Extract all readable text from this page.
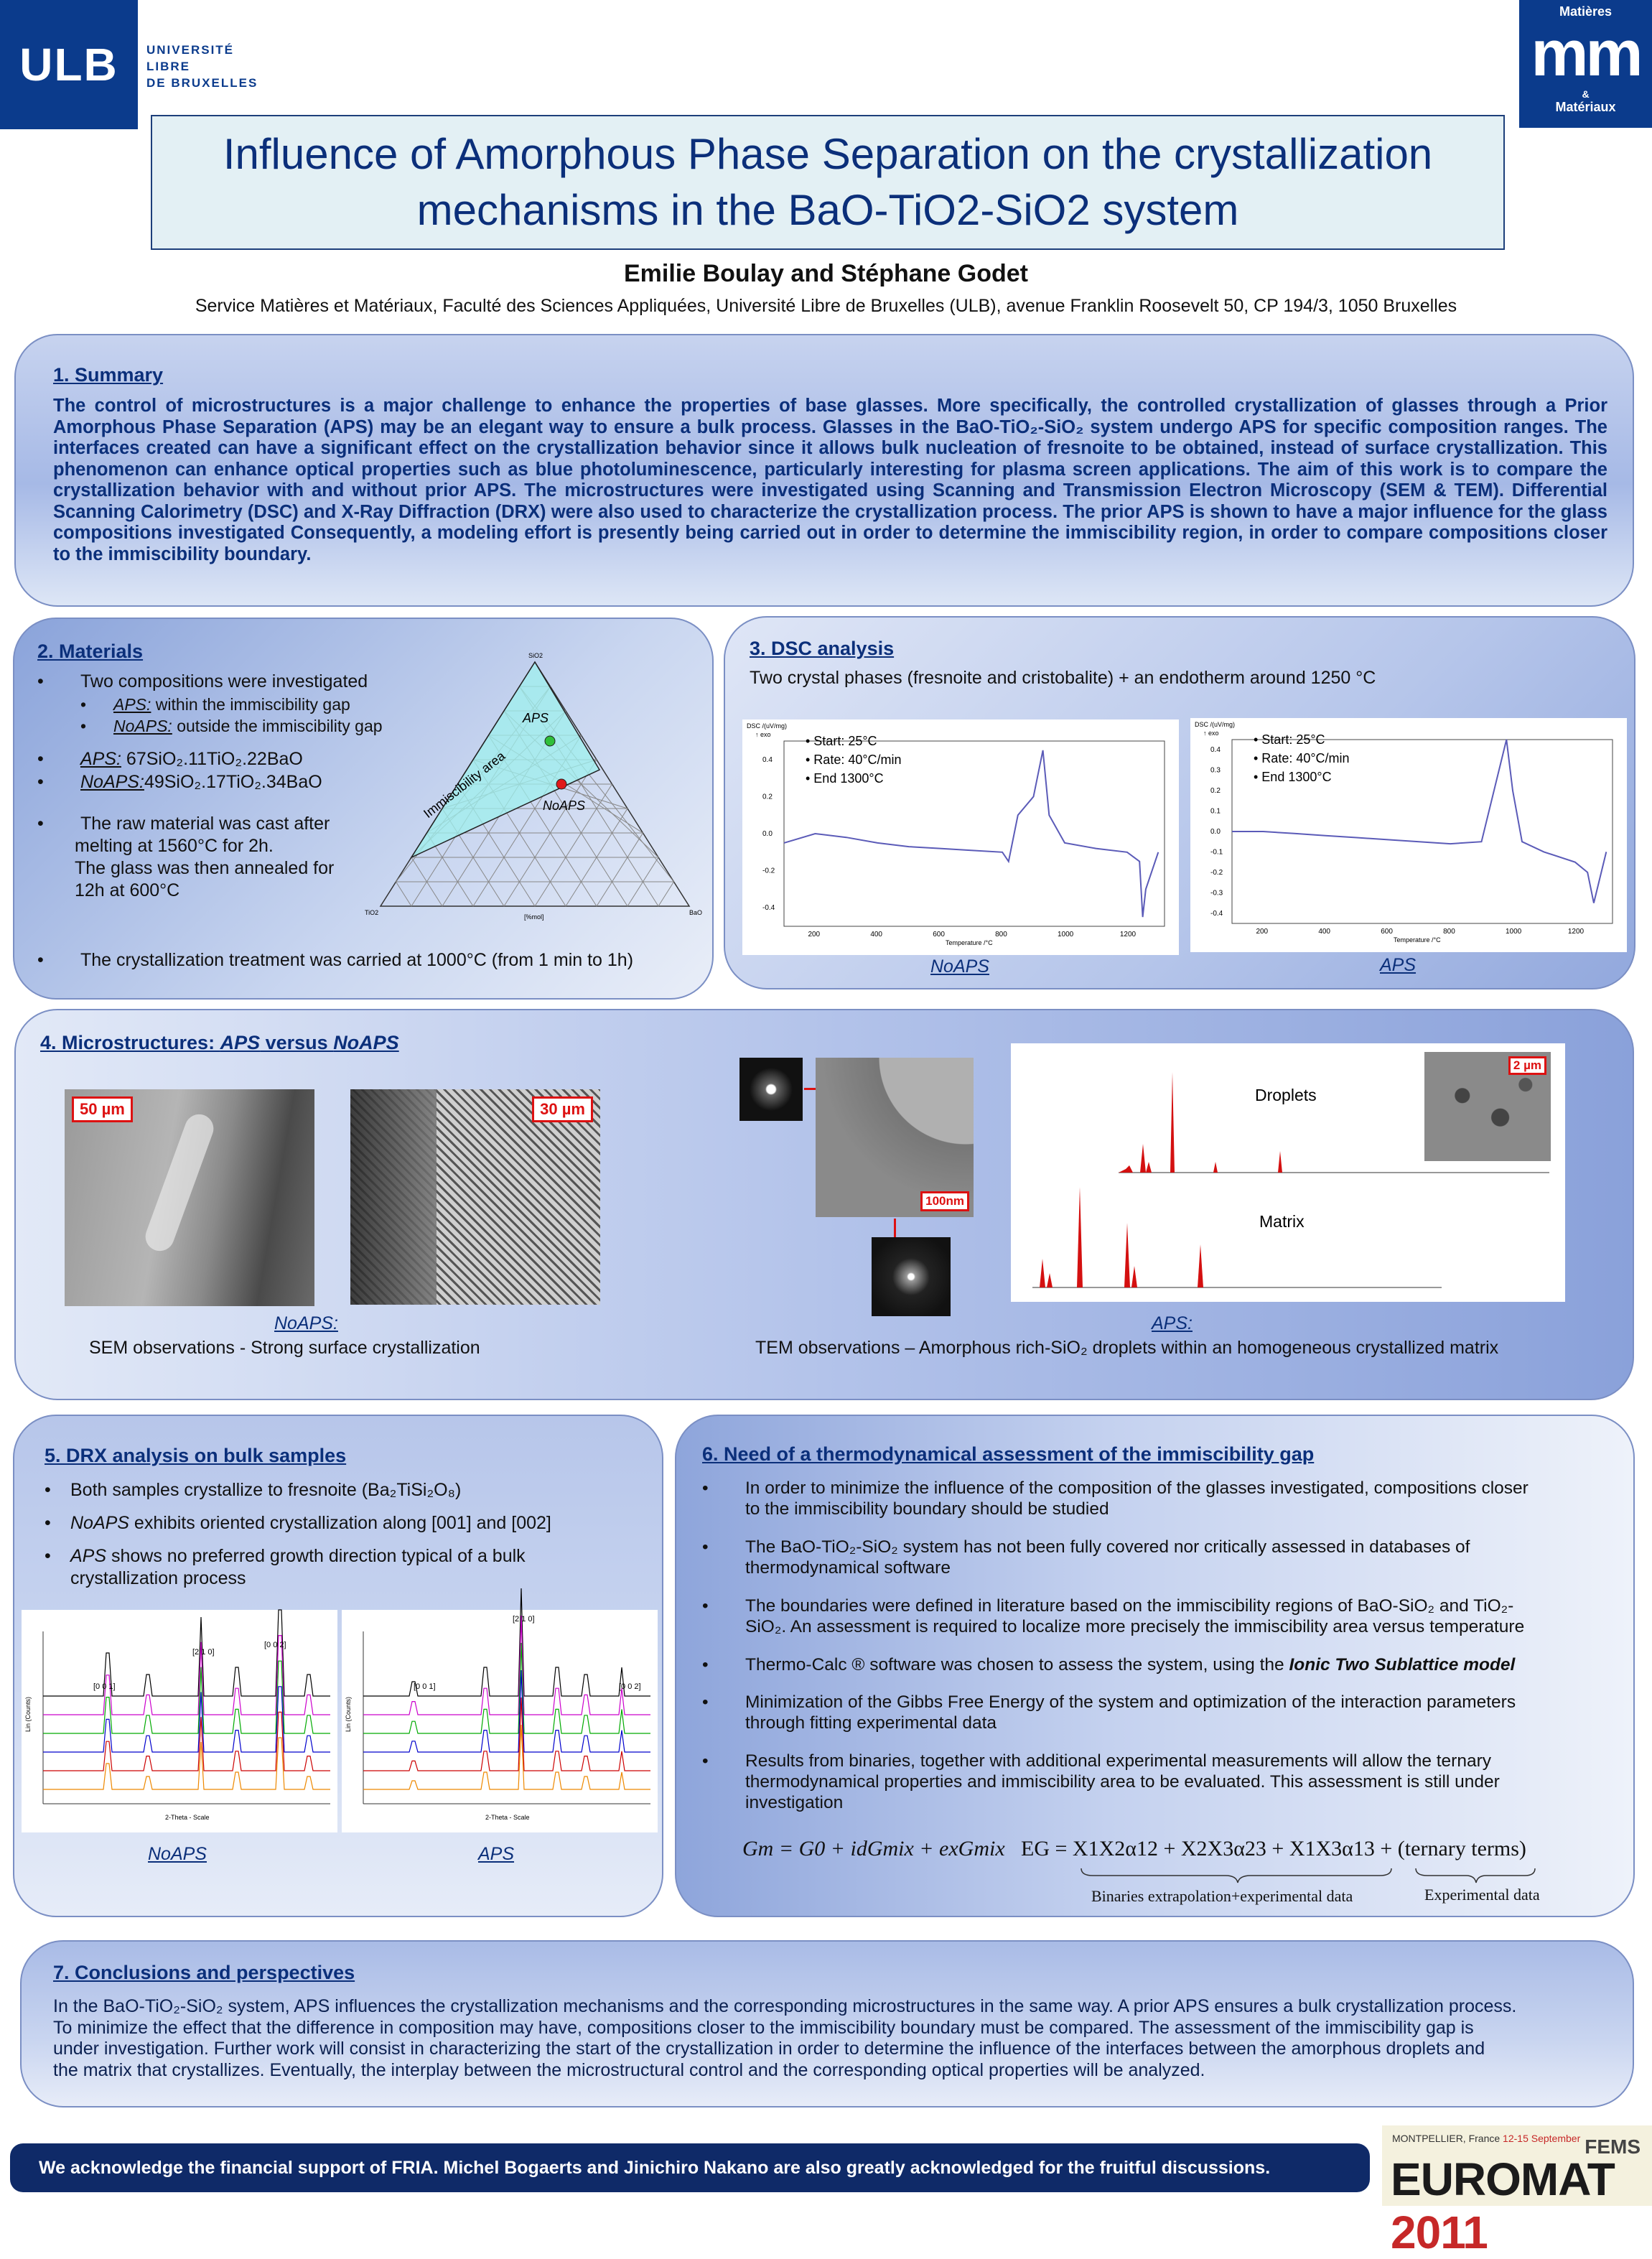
ULB	UNIVERSITÉ
LIBRE
DE BRUXELLES
Matières
mm
&
Matériaux
Influence of Amorphous Phase Separation on the crystallization
mechanisms in the BaO-TiO2-SiO2 system
Emilie Boulay and Stéphane Godet
Service Matières et Matériaux, Faculté des Sciences Appliquées, Université Libre de Bruxelles (ULB), avenue Franklin Roosevelt 50, CP 194/3, 1050 Bruxelles
1. Summary
The control of microstructures is a major challenge to enhance the properties of base glasses. More specifically, the controlled crystallization of glasses through a Prior Amorphous Phase Separation (APS) may be an elegant way to ensure a bulk process. Glasses in the BaO-TiO₂-SiO₂ system undergo APS for specific composition ranges. The interfaces created can have a significant effect on the crystallization behavior since it allows bulk nucleation of fresnoite to be obtained, instead of surface crystallization. This phenomenon can enhance optical properties such as blue photoluminescence, particularly interesting for plasma screen applications. The aim of this work is to compare the crystallization behavior with and without prior APS. The microstructures were investigated using Scanning and Transmission Electron Microscopy (SEM & TEM). Differential Scanning Calorimetry (DSC) and X-Ray Diffraction (DRX) were also used to characterize the crystallization process. The prior APS is shown to have a major influence for the glass compositions investigated Consequently, a modeling effort is presently being carried out in order to determine the immiscibility region, in order to compare compositions closer to the immiscibility boundary.
2. Materials
• Two compositions were investigated
• APS: within the immiscibility gap
• NoAPS: outside the immiscibility gap
• APS: 67SiO₂.11TiO₂.22BaO
• NoAPS:49SiO₂.17TiO₂.34BaO
• The raw material was cast after
melting at 1560°C for 2h.
The glass was then annealed for
12h at 600°C
• The crystallization treatment was carried at 1000°C (from 1 min to 1h)
APS
NoAPS
Immiscibility area
SiO2
TiO2	BaO
[%mol]
3. DSC analysis
Two crystal phases (fresnoite and cristobalite) + an endotherm around 1250 °C
DSC /(uV/mg)
↑ exo
0.4
0.2
0.0
-0.2
-0.4
200	400	600	800	1000	1200
Temperature /°C
• Start: 25°C
• Rate: 40°C/min
• End 1300°C
DSC /(uV/mg)
↑ exo
0.4
0.3
0.2
0.1
0.0
-0.1
-0.2
-0.3
-0.4
200	400	600	800	1000	1200
Temperature /°C
• Start: 25°C
• Rate: 40°C/min
• End 1300°C
NoAPS	APS
4. Microstructures: APS versus NoAPS
50 µm	30 µm
NoAPS:
SEM observations - Strong surface crystallization
100nm
Droplets
Matrix
2 µm
APS:
TEM observations – Amorphous rich-SiO₂ droplets within an homogeneous crystallized matrix
5. DRX analysis on bulk samples
• Both samples crystallize to fresnoite (Ba₂TiSi₂O₈)
• NoAPS exhibits oriented crystallization along [001] and [002]
• APS shows no preferred growth direction typical of a bulk
crystallization process
Lin (Counts)
2-Theta - Scale
[0 0 1]
[2 1 0]
[0 0 2]
Lin (Counts)
2-Theta - Scale
[0 0 1]
[2 1 0]
[0 0 2]
NoAPS	APS
6. Need of a thermodynamical assessment of the immiscibility gap
• In order to minimize the influence of the composition of the glasses investigated, compositions closer
to the immiscibility boundary should be studied
• The BaO-TiO₂-SiO₂ system has not been fully covered nor critically assessed in databases of
thermodynamical software
• The boundaries were defined in literature based on the immiscibility regions of BaO-SiO₂ and TiO₂-
SiO₂. An assessment is required to localize more precisely the immiscibility area versus temperature
• Thermo-Calc ® software was chosen to assess the system, using the Ionic Two Sublattice model
• Minimization of the Gibbs Free Energy of the system and optimization of the interaction parameters
through fitting experimental data
• Results from binaries, together with additional experimental measurements will allow the ternary
thermodynamical properties and immiscibility area to be evaluated. This assessment is still under
investigation
Gm = G0 + idGmix + exGmix EG = X1X2α12 + X2X3α23 + X1X3α13 + (ternary terms)
Binaries extrapolation+experimental data	Experimental data
7. Conclusions and perspectives
In the BaO-TiO₂-SiO₂ system, APS influences the crystallization mechanisms and the corresponding microstructures in the same way. A prior APS ensures a bulk crystallization process.
To minimize the effect that the difference in composition may have, compositions closer to the immiscibility boundary must be compared. The assessment of the immiscibility gap is
under investigation. Further work will consist in characterizing the start of the crystallization in order to determine the influence of the interfaces between the amorphous droplets and
the matrix that crystallizes. Eventually, the interplay between the microstructural control and the corresponding optical properties will be analyzed.
We acknowledge the financial support of FRIA. Michel Bogaerts and Jinichiro Nakano are also greatly acknowledged for the fruitful discussions.
MONTPELLIER, France 12-15 September FEMS
EUROMAT 2011
